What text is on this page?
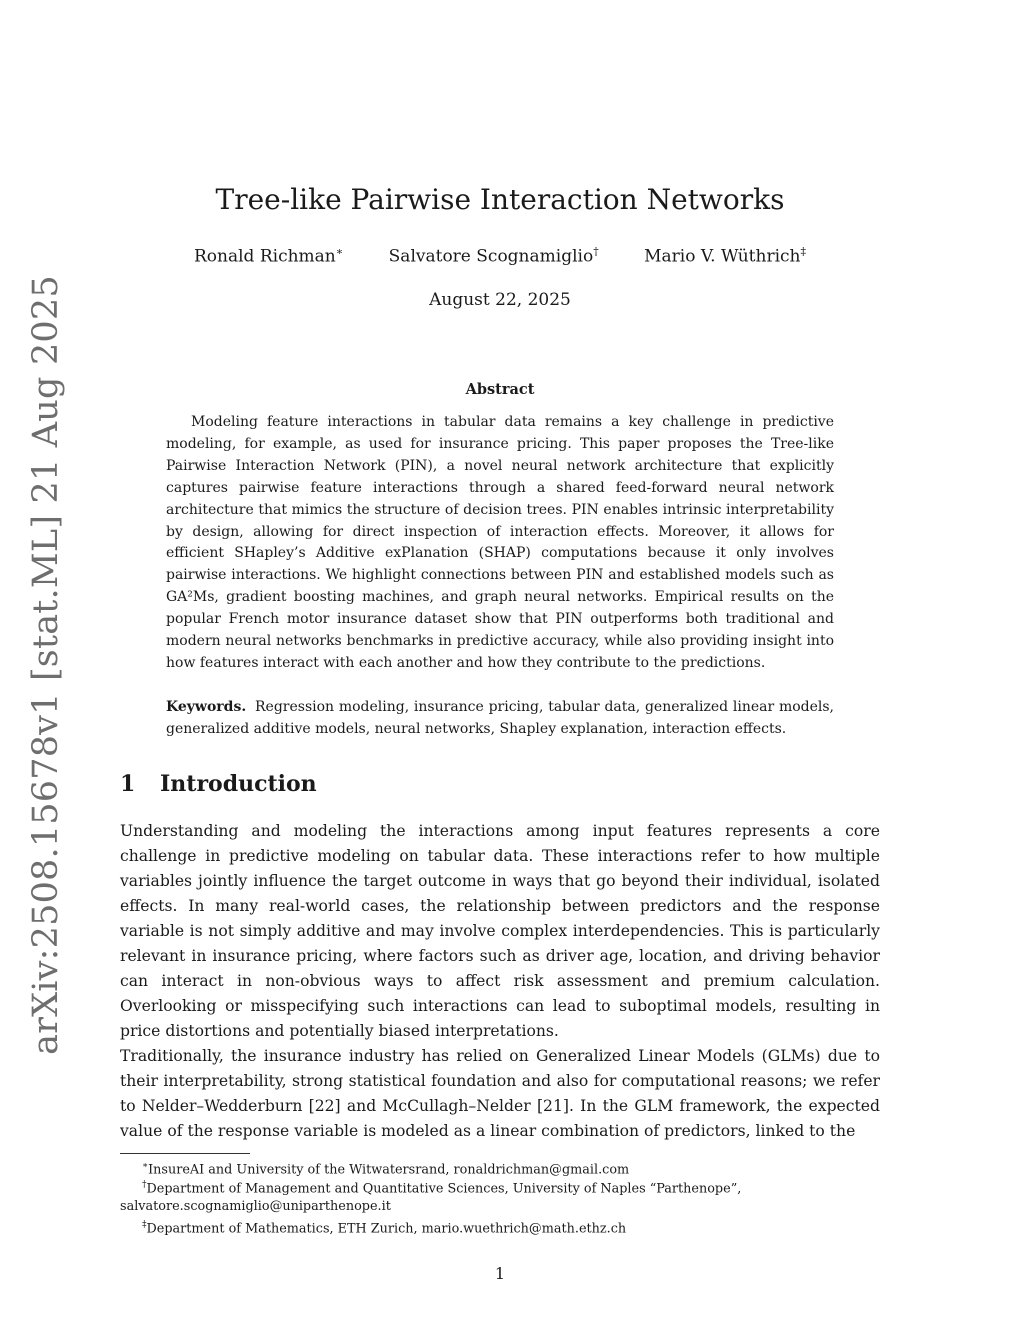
arXiv:2508.15678v1 [stat.ML] 21 Aug 2025
Tree-like Pairwise Interaction Networks
Ronald Richman∗	Salvatore Scognamiglio†	Mario V. Wüthrich‡
August 22, 2025
Abstract

Modeling feature interactions in tabular data remains a key challenge in predictive modeling, for example, as used for insurance pricing. This paper proposes the Tree-like Pairwise Interaction Network (PIN), a novel neural network architecture that explicitly captures pairwise feature interactions through a shared feed-forward neural network architecture that mimics the structure of decision trees. PIN enables intrinsic interpretability by design, allowing for direct inspection of interaction effects. Moreover, it allows for efficient SHapley’s Additive exPlanation (SHAP) computations because it only involves pairwise interactions. We highlight connections between PIN and established models such as GA²Ms, gradient boosting machines, and graph neural networks. Empirical results on the popular French motor insurance dataset show that PIN outperforms both traditional and modern neural networks benchmarks in predictive accuracy, while also providing insight into how features interact with each another and how they contribute to the predictions.

Keywords. Regression modeling, insurance pricing, tabular data, generalized linear models, generalized additive models, neural networks, Shapley explanation, interaction effects.

1 Introduction

Understanding and modeling the interactions among input features represents a core challenge in predictive modeling on tabular data. These interactions refer to how multiple variables jointly influence the target outcome in ways that go beyond their individual, isolated effects. In many real-world cases, the relationship between predictors and the response variable is not simply additive and may involve complex interdependencies. This is particularly relevant in insurance pricing, where factors such as driver age, location, and driving behavior can interact in non-obvious ways to affect risk assessment and premium calculation. Overlooking or misspecifying such interactions can lead to suboptimal models, resulting in price distortions and potentially biased interpretations.

Traditionally, the insurance industry has relied on Generalized Linear Models (GLMs) due to their interpretability, strong statistical foundation and also for computational reasons; we refer to Nelder–Wedderburn [22] and McCullagh–Nelder [21]. In the GLM framework, the expected value of the response variable is modeled as a linear combination of predictors, linked to the

∗InsureAI and University of the Witwatersrand, ronaldrichman@gmail.com

†Department of Management and Quantitative Sciences, University of Naples “Parthenope”, salvatore.scognamiglio@uniparthenope.it

‡Department of Mathematics, ETH Zurich, mario.wuethrich@math.ethz.ch

1
